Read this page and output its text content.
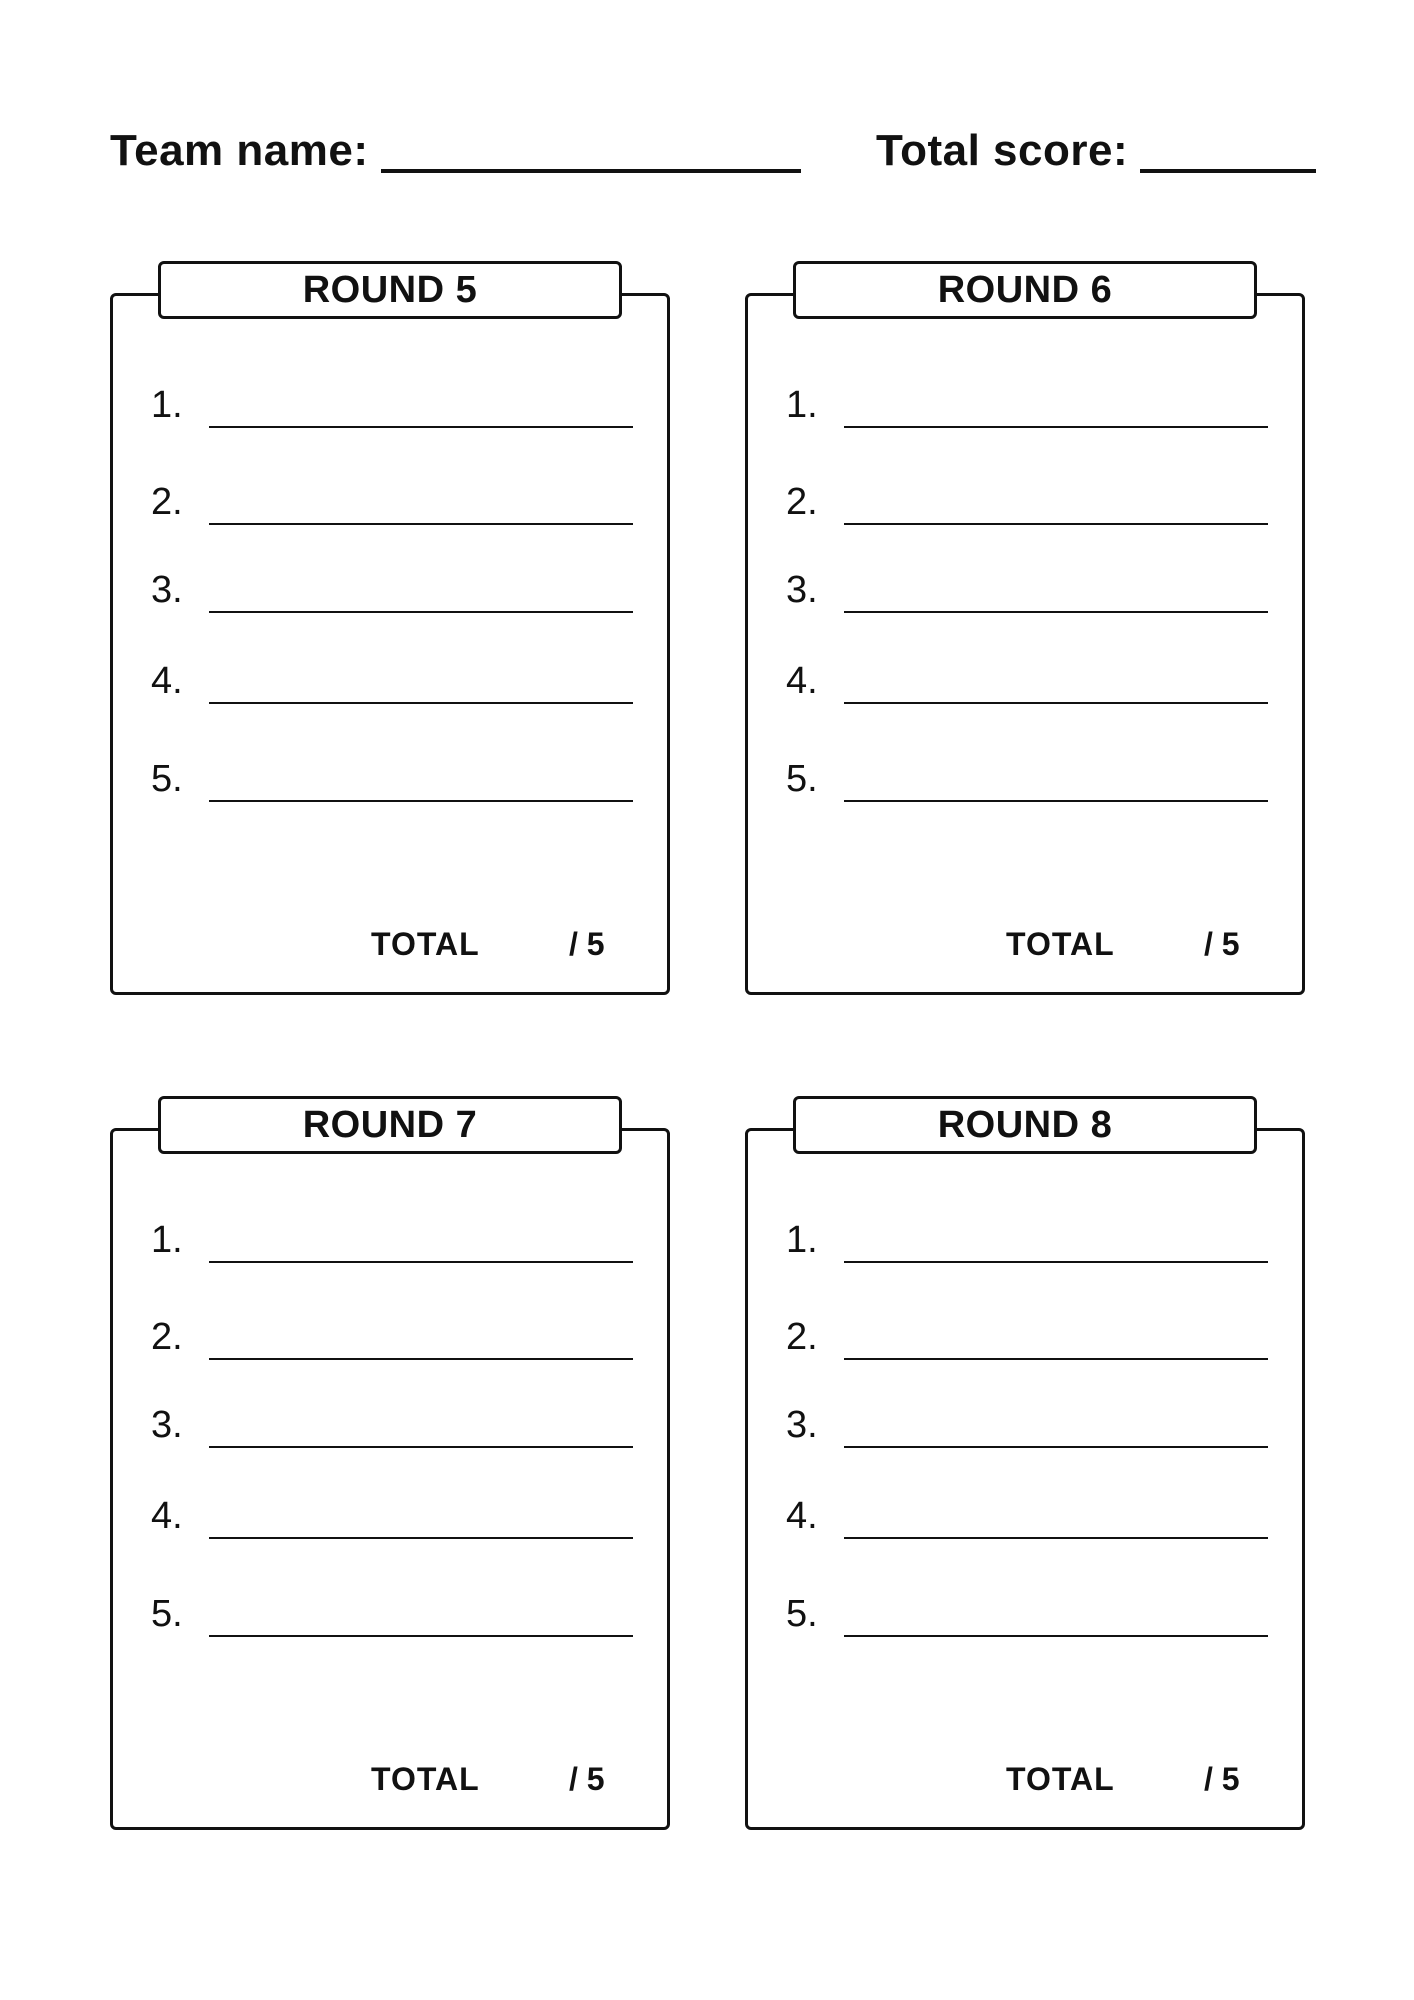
Team name:	Total score:
1.
2.
3.
4.
5.
TOTAL	/ 5
ROUND 5
1.
2.
3.
4.
5.
TOTAL	/ 5
ROUND 6
1.
2.
3.
4.
5.
TOTAL	/ 5
ROUND 7
1.
2.
3.
4.
5.
TOTAL	/ 5
ROUND 8
